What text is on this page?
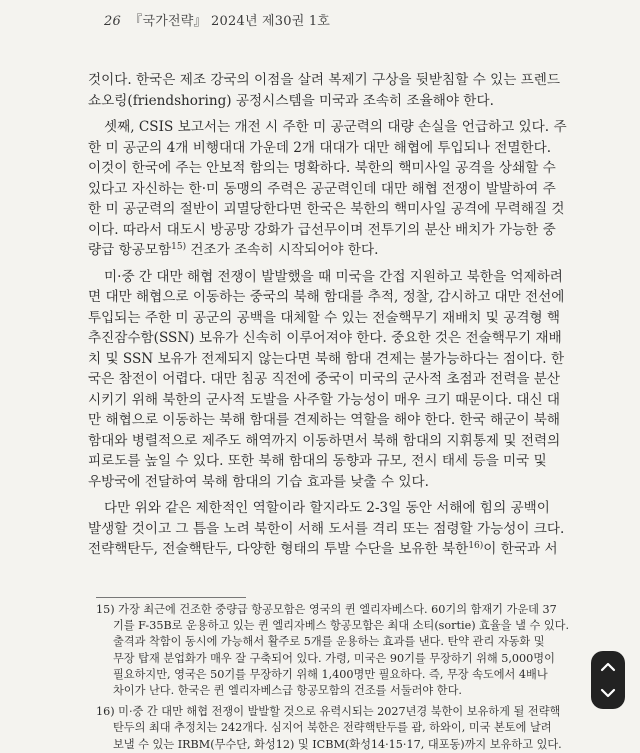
26 『국가전략』 2024년 제30권 1호
것이다. 한국은 제조 강국의 이점을 살려 복제기 구상을 뒷받침할 수 있는 프렌드
쇼오링(friendshoring) 공정시스템을 미국과 조속히 조율해야 한다.
셋째, CSIS 보고서는 개전 시 주한 미 공군력의 대량 손실을 언급하고 있다. 주
한 미 공군의 4개 비행대대 가운데 2개 대대가 대만 해협에 투입되나 전멸한다.
이것이 한국에 주는 안보적 함의는 명확하다. 북한의 핵미사일 공격을 상쇄할 수
있다고 자신하는 한·미 동맹의 주력은 공군력인데 대만 해협 전쟁이 발발하여 주
한 미 공군력의 절반이 괴멸당한다면 한국은 북한의 핵미사일 공격에 무력해질 것
이다. 따라서 대도시 방공망 강화가 급선무이며 전투기의 분산 배치가 가능한 중
량급 항공모함$^{15)}$ 건조가 조속히 시작되어야 한다.
미·중 간 대만 해협 전쟁이 발발했을 때 미국을 간접 지원하고 북한을 억제하려
면 대만 해협으로 이동하는 중국의 북해 함대를 추적, 정찰, 감시하고 대만 전선에
투입되는 주한 미 공군의 공백을 대체할 수 있는 전술핵무기 재배치 및 공격형 핵
추진잠수함(SSN) 보유가 신속히 이루어져야 한다. 중요한 것은 전술핵무기 재배
치 및 SSN 보유가 전제되지 않는다면 북해 함대 견제는 불가능하다는 점이다. 한
국은 참전이 어렵다. 대만 침공 직전에 중국이 미국의 군사적 초점과 전력을 분산
시키기 위해 북한의 군사적 도발을 사주할 가능성이 매우 크기 때문이다. 대신 대
만 해협으로 이동하는 북해 함대를 견제하는 역할을 해야 한다. 한국 해군이 북해
함대와 병렬적으로 제주도 해역까지 이동하면서 북해 함대의 지휘통제 및 전력의
피로도를 높일 수 있다. 또한 북해 함대의 동향과 규모, 전시 태세 등을 미국 및
우방국에 전달하여 북해 함대의 기습 효과를 낮출 수 있다.
다만 위와 같은 제한적인 역할이라 할지라도 2-3일 동안 서해에 힘의 공백이
발생할 것이고 그 틈을 노려 북한이 서해 도서를 격리 또는 점령할 가능성이 크다.
전략핵탄두, 전술핵탄두, 다양한 형태의 투발 수단을 보유한 북한$^{16)}$이 한국과 서
15) 가장 최근에 건조한 중량급 항공모함은 영국의 퀸 엘리자베스다. 60기의 함재기 가운데 37
기를 F-35B로 운용하고 있는 퀸 엘리자베스 항공모함은 최대 소티(sortie) 효율을 낼 수 있다.
출격과 착함이 동시에 가능해서 활주로 5개를 운용하는 효과를 낸다. 탄약 관리 자동화 및
무장 탑재 분업화가 매우 잘 구축되어 있다. 가령, 미국은 90기를 무장하기 위해 5,000명이
필요하지만, 영국은 50기를 무장하기 위해 1,400명만 필요하다. 즉, 무장 속도에서 4배나
차이가 난다. 한국은 퀸 엘리자베스급 항공모함의 건조를 서둘러야 한다.
16) 미·중 간 대만 해협 전쟁이 발발할 것으로 유력시되는 2027년경 북한이 보유하게 될 전략핵
탄두의 최대 추정치는 242개다. 심지어 북한은 전략핵탄두를 괌, 하와이, 미국 본토에 날려
보낼 수 있는 IRBM(무수단, 화성12) 및 ICBM(화성14·15·17, 대포동)까지 보유하고 있다.
